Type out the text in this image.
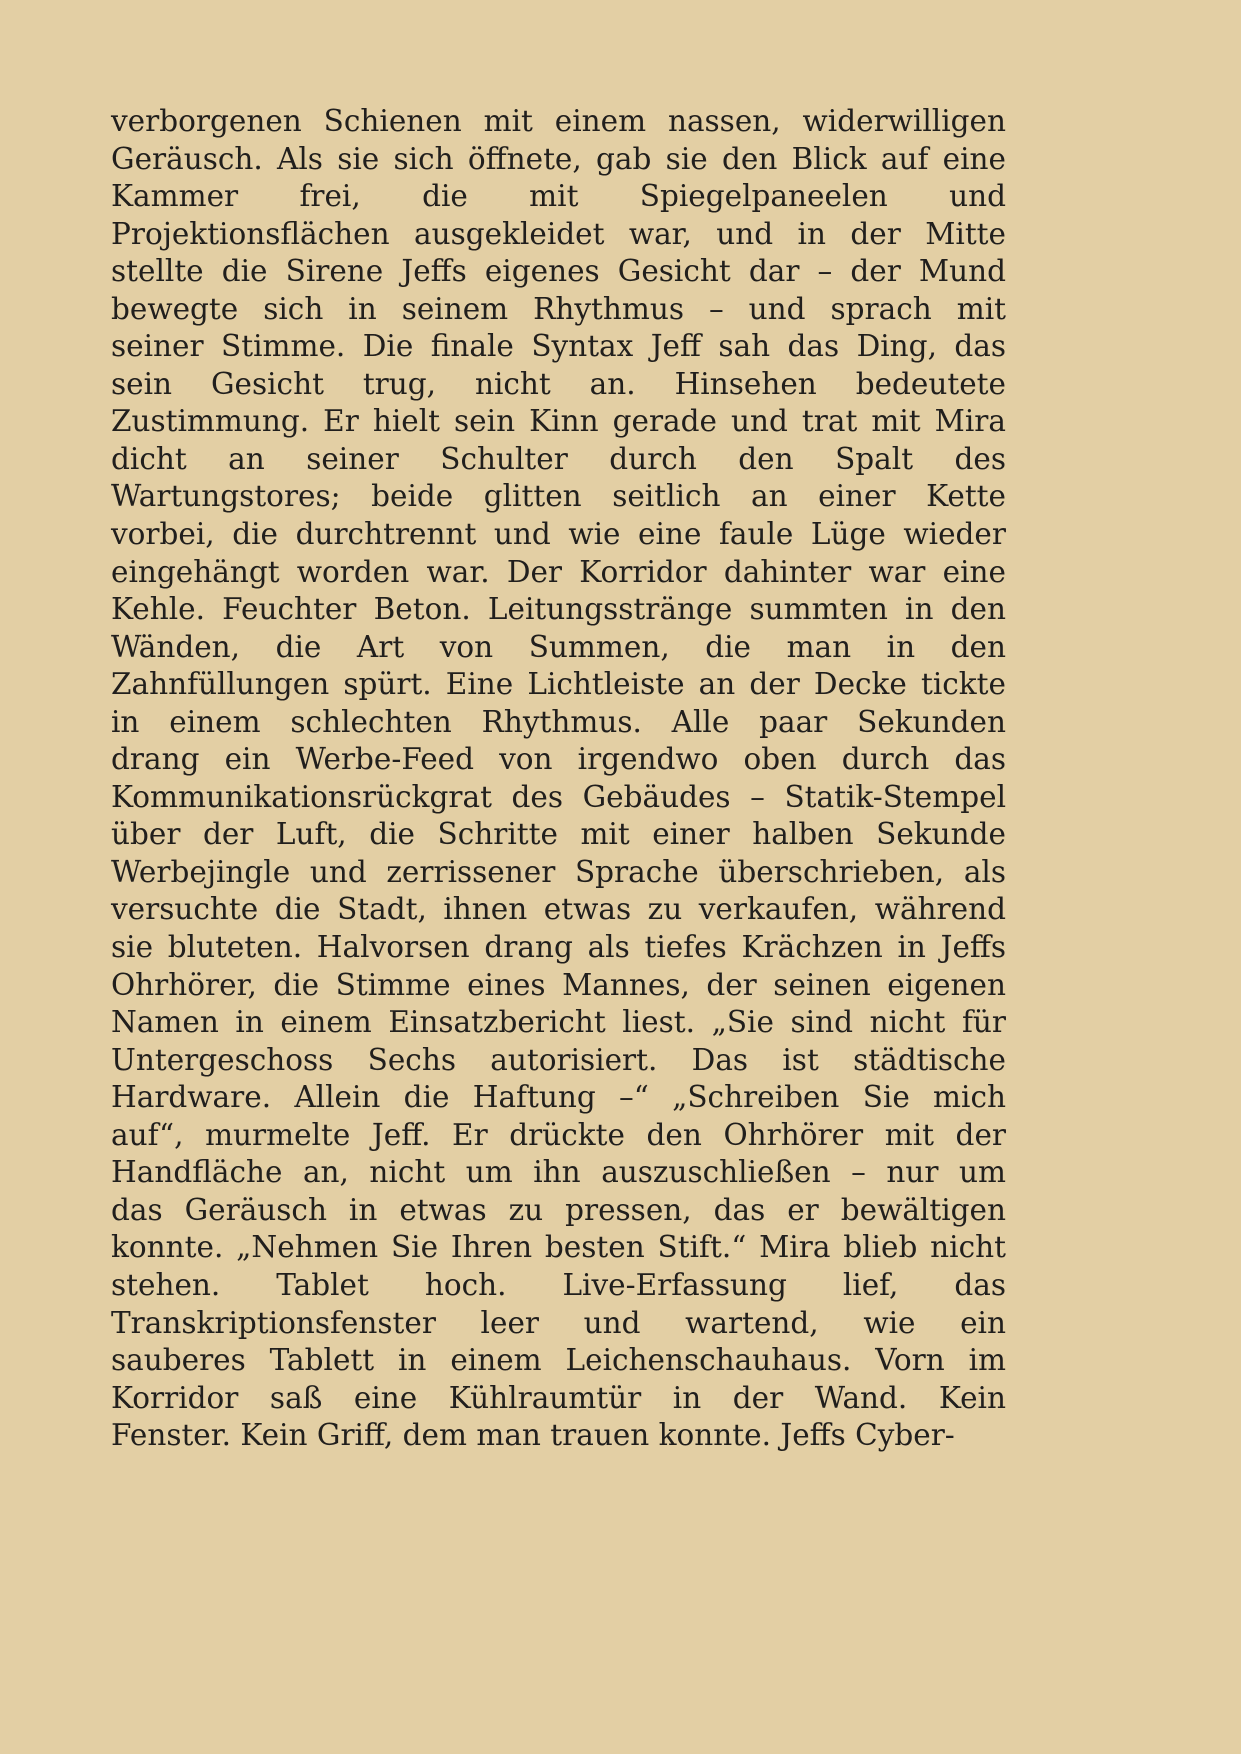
verborgenen Schienen mit einem nassen, widerwilligen
Geräusch. Als sie sich öffnete, gab sie den Blick auf eine
Kammer frei, die mit Spiegelpaneelen und
Projektionsflächen ausgekleidet war, und in der Mitte
stellte die Sirene Jeffs eigenes Gesicht dar – der Mund
bewegte sich in seinem Rhythmus – und sprach mit
seiner Stimme. Die finale Syntax Jeff sah das Ding, das
sein Gesicht trug, nicht an. Hinsehen bedeutete
Zustimmung. Er hielt sein Kinn gerade und trat mit Mira
dicht an seiner Schulter durch den Spalt des
Wartungstores; beide glitten seitlich an einer Kette
vorbei, die durchtrennt und wie eine faule Lüge wieder
eingehängt worden war. Der Korridor dahinter war eine
Kehle. Feuchter Beton. Leitungsstränge summten in den
Wänden, die Art von Summen, die man in den
Zahnfüllungen spürt. Eine Lichtleiste an der Decke tickte
in einem schlechten Rhythmus. Alle paar Sekunden
drang ein Werbe-Feed von irgendwo oben durch das
Kommunikationsrückgrat des Gebäudes – Statik-Stempel
über der Luft, die Schritte mit einer halben Sekunde
Werbejingle und zerrissener Sprache überschrieben, als
versuchte die Stadt, ihnen etwas zu verkaufen, während
sie bluteten. Halvorsen drang als tiefes Krächzen in Jeffs
Ohrhörer, die Stimme eines Mannes, der seinen eigenen
Namen in einem Einsatzbericht liest. „Sie sind nicht für
Untergeschoss Sechs autorisiert. Das ist städtische
Hardware. Allein die Haftung –“ „Schreiben Sie mich
auf“, murmelte Jeff. Er drückte den Ohrhörer mit der
Handfläche an, nicht um ihn auszuschließen – nur um
das Geräusch in etwas zu pressen, das er bewältigen
konnte. „Nehmen Sie Ihren besten Stift.“ Mira blieb nicht
stehen. Tablet hoch. Live-Erfassung lief, das
Transkriptionsfenster leer und wartend, wie ein
sauberes Tablett in einem Leichenschauhaus. Vorn im
Korridor saß eine Kühlraumtür in der Wand. Kein
Fenster. Kein Griff, dem man trauen konnte. Jeffs Cyber-
